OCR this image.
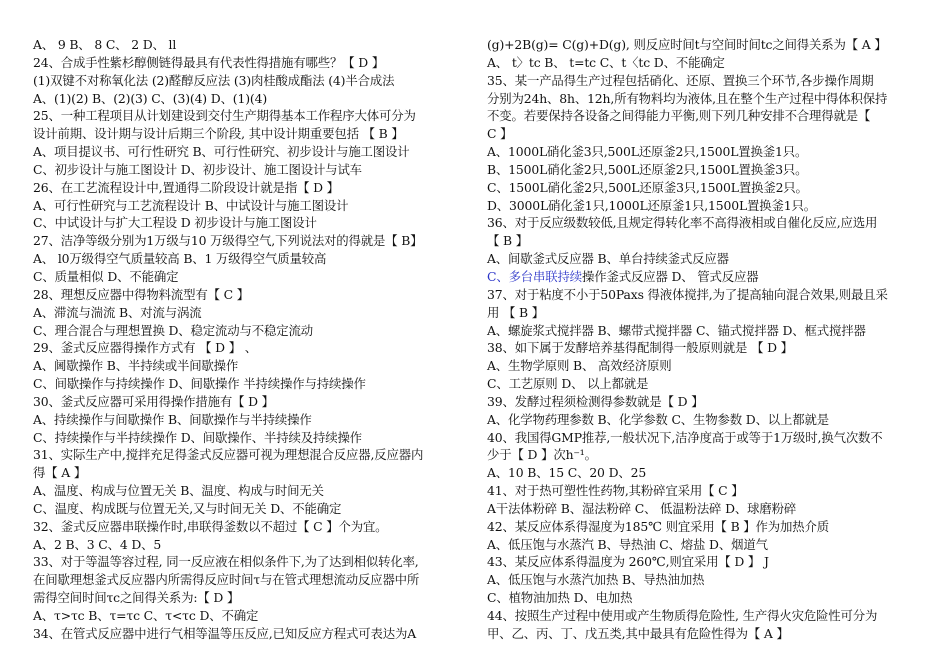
A、 9 B、 8 C、 2 D、 ll
24、合成手性紫杉醇侧链得最具有代表性得措施有哪些？【 D 】
(1)双键不对称氧化法 (2)醛醇反应法 (3)肉桂酸成酯法 (4)半合成法
A、(1)(2) B、(2)(3) C、(3)(4) D、(1)(4)
25、一种工程项目从计划建设到交付生产期得基本工作程序大体可分为
设计前期、设计期与设计后期三个阶段, 其中设计期重要包括 【 B 】
A、项目提议书、可行性研究 B、可行性研究、初步设计与施工图设计
C、初步设计与施工图设计 D、初步设计、施工图设计与试车
26、在工艺流程设计中,置通得二阶段设计就是指【 D 】
A、可行性研究与工艺流程设计 B、中试设计与施工图设计
C、中试设计与扩大工程设 D 初步设计与施工图设计
27、洁净等级分别为1万级与10 万级得空气,下列说法对的得就是【 B】
A、 l0万级得空气质量较高 B、1 万级得空气质量较高
C、质量相似 D、不能确定
28、理想反应器中得物料流型有【 C 】
A、滞流与湍流 B、对流与涡流
C、理合混合与理想置换 D、稳定流动与不稳定流动
29、釜式反应器得操作方式有 【 D 】 、
A、阃歇操作 B、半持续或半间歇操作
C、间歇操作与持续操作 D、间歇操作 半持续操作与持续操作
30、釜式反应器可采用得操作措施有【 D 】
A、持续操作与间歇操作 B、间歇操作与半持续操作
C、持续操作与半持续操作 D、间歇操作、半持续及持续操作
31、实际生产中,搅拌充足得釜式反应器可视为理想混合反应器,反应器内
得【 A 】
A、温度、构成与位置无关 B、温度、构成与时间无关
C、温度、构成既与位置无关,又与时间无关 D、不能确定
32、釜式反应器串联操作时,串联得釜数以不超过【 C 】个为宜。
A、2 B、3 C、4 D、5
33、对于等温等容过程, 同一反应液在相似条件下,为了达到相似转化率,
在间歇理想釜式反应器内所需得反应时间τ与在管式理想流动反应器中所
需得空间时间τc之间得关系为:【 D 】
A、τ>τc B、τ=τc C、τ<τc D、不确定
34、在管式反应器中进行气相等温等压反应,已知反应方程式可表达为A
(g)+2B(g)= C(g)+D(g), 则反应时间t与空间时间tc之间得关系为【 A 】
A、 t〉tc B、 t=tc C、t〈tc D、不能确定
35、某一产品得生产过程包括硝化、还原、置换三个环节,各步操作周期
分别为24h、8h、12h,所有物料均为液体,且在整个生产过程中得体积保持
不变。若要保持各设备之间得能力平衡,则下列几种安排不合理得就是【
C 】
A、1000L硝化釜3只,500L还原釜2只,1500L置换釜1只。
B、1500L硝化釜2只,500L还原釜2只,1500L置换釜3只。
C、1500L硝化釜2只,500L还原釜3只,1500L置换釜2只。
D、3000L硝化釜1只,1000L还原釜1只,1500L置换釜1只。
36、对于反应级数较低,且规定得转化率不高得液相或自催化反应,应选用
【 B 】
A、间歇釜式反应器 B、单台持续釜式反应器
C、多台串联持续操作釜式反应器 D、 管式反应器
37、对于粘度不小于50Paxs 得液体搅拌,为了提高轴向混合效果,则最且采
用 【 B 】
A、螺旋浆式搅拌器 B、螺带式搅拌器 C、锚式搅拌器 D、框式搅拌器
38、如下属于发酵培养基得配制得一般原则就是 【 D 】
A、生物学原则 B、 高效经济原则
C、工艺原则 D、 以上都就是
39、发酵过程须检测得参数就是【 D 】
A、化学物药理参数 B、化学参数 C、生物参数 D、以上都就是
40、我国得GMP推荐,一般状况下,洁净度高于或等于1万级时,换气次数不
少于【 D 】次h⁻¹。
A、10 B、15 C、20 D、25
41、对于热可塑性性药物,其粉碎宜采用【 C 】
A干法体粉碎 B、湿法粉碎 C、 低温粉法碎 D、球磨粉碎
42、某反应体系得湿度为185℃ 则宜采用【 B 】作为加热介质
A、低压饱与水蒸汽 B、导热油 C、熔盐 D、烟道气
43、某反应体系得温度为 260℃,则宜采用【 D 】 J
A、低压饱与水蒸汽加热 B、导热油加热
C、植物油加热 D、电加热
44、按照生产过程中使用或产生物质得危险性, 生产得火灾危险性可分为
甲、乙、丙、丁、戊五类,其中最具有危险性得为【 A 】
